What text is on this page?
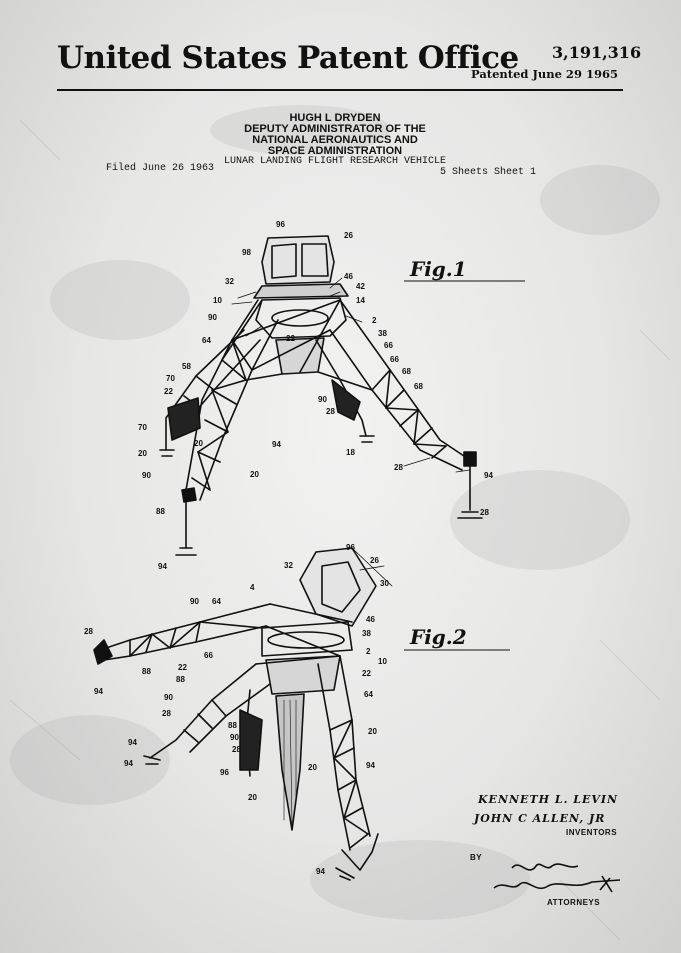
United States Patent Office 3,191,316
Patented June 29 1965
HUGH L DRYDEN
DEPUTY ADMINISTRATOR OF THE
NATIONAL AERONAUTICS AND
SPACE ADMINISTRATION
LUNAR LANDING FLIGHT RESEARCH VEHICLE
Filed June 26 1963	5 Sheets Sheet 1
Fig.1
Fig.2
96
26
98
32
46
42
10	14
90	2
38
64
66
66
22
58
70
22
68
68
90
70
28
20	18
94
20
90	94
28
20
88	28
94
96
26
32
4	30
90 64
46
28	38
66	2
10
22
22
88
94
88
90	64
28
88
20
90
94
28
20	94
94
96
20
94
KENNETH L. LEVIN
JOHN C ALLEN, JR
INVENTORS
BY
ATTORNEYS
